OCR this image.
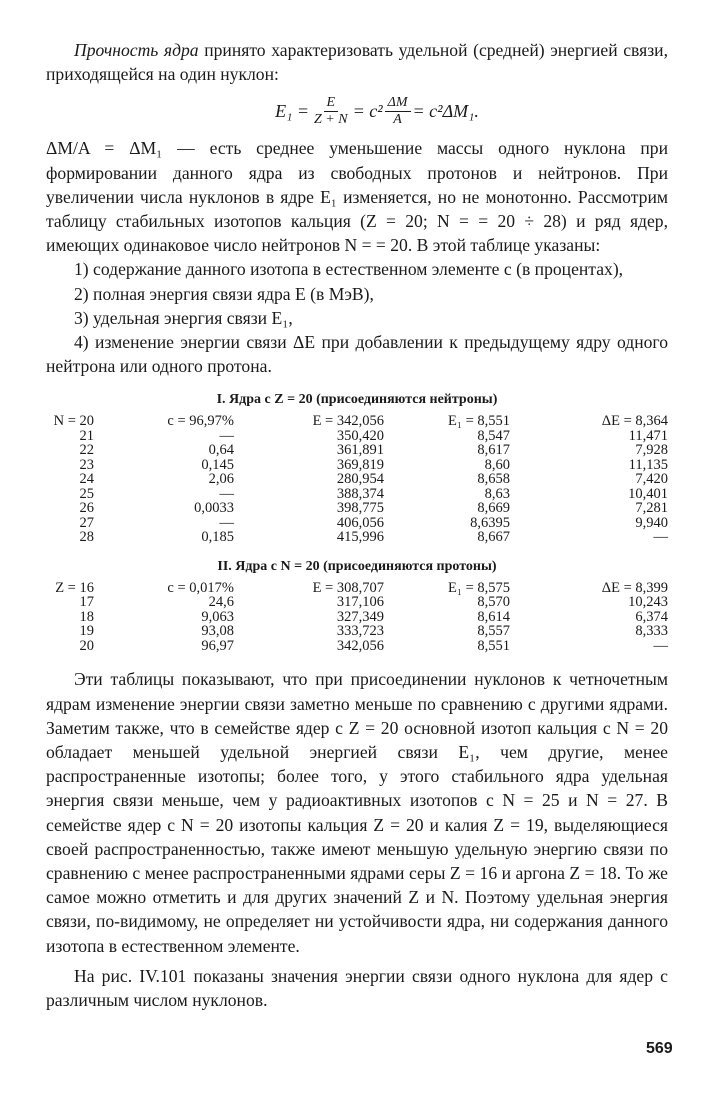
Прочность ядра принято характеризовать удельной (средней) энергией связи, приходящейся на один нуклон:

$E_1 = \frac{E}{Z + N} = c^2 \frac{\Delta M}{A} = c^2\Delta M_1$.

ΔM/A = ΔM₁ — есть среднее уменьшение массы одного нуклона при формировании данного ядра из свободных протонов и нейтронов. При увеличении числа нуклонов в ядре E₁ изменяется, но не монотонно. Рассмотрим таблицу стабильных изотопов кальция (Z = 20; N = = 20 ÷ 28) и ряд ядер, имеющих одинаковое число нейтронов N = = 20. В этой таблице указаны:

1) содержание данного изотопа в естественном элементе c (в процентах),
2) полная энергия связи ядра E (в МэВ),
3) удельная энергия связи E₁,
4) изменение энергии связи ΔE при добавлении к предыдущему ядру одного нейтрона или одного протона.
I. Ядра с Z = 20 (присоединяются нейтроны)
N = 20	c = 96,97%	E = 342,056	E₁ = 8,551	ΔE = 8,364
21	—	350,420	8,547	11,471
22	0,64	361,891	8,617	7,928
23	0,145	369,819	8,60	11,135
24	2,06	280,954	8,658	7,420
25	—	388,374	8,63	10,401
26	0,0033	398,775	8,669	7,281
27	—	406,056	8,6395	9,940
28	0,185	415,996	8,667	—
II. Ядра с N = 20 (присоединяются протоны)
Z = 16	c = 0,017%	E = 308,707	E₁ = 8,575	ΔE = 8,399
17	24,6	317,106	8,570	10,243
18	9,063	327,349	8,614	6,374
19	93,08	333,723	8,557	8,333
20	96,97	342,056	8,551	—

Эти таблицы показывают, что при присоединении нуклонов к четночетным ядрам изменение энергии связи заметно меньше по сравнению с другими ядрами. Заметим также, что в семействе ядер с Z = 20 основной изотоп кальция с N = 20 обладает меньшей удельной энергией связи E₁, чем другие, менее распространенные изотопы; более того, у этого стабильного ядра удельная энергия связи меньше, чем у радиоактивных изотопов с N = 25 и N = 27. В семействе ядер с N = 20 изотопы кальция Z = 20 и калия Z = 19, выделяющиеся своей распространенностью, также имеют меньшую удельную энергию связи по сравнению с менее распространенными ядрами серы Z = 16 и аргона Z = 18. То же самое можно отметить и для других значений Z и N. Поэтому удельная энергия связи, по-видимому, не определяет ни устойчивости ядра, ни содержания данного изотопа в естественном элементе.

На рис. IV.101 показаны значения энергии связи одного нуклона для ядер с различным числом нуклонов.

569
